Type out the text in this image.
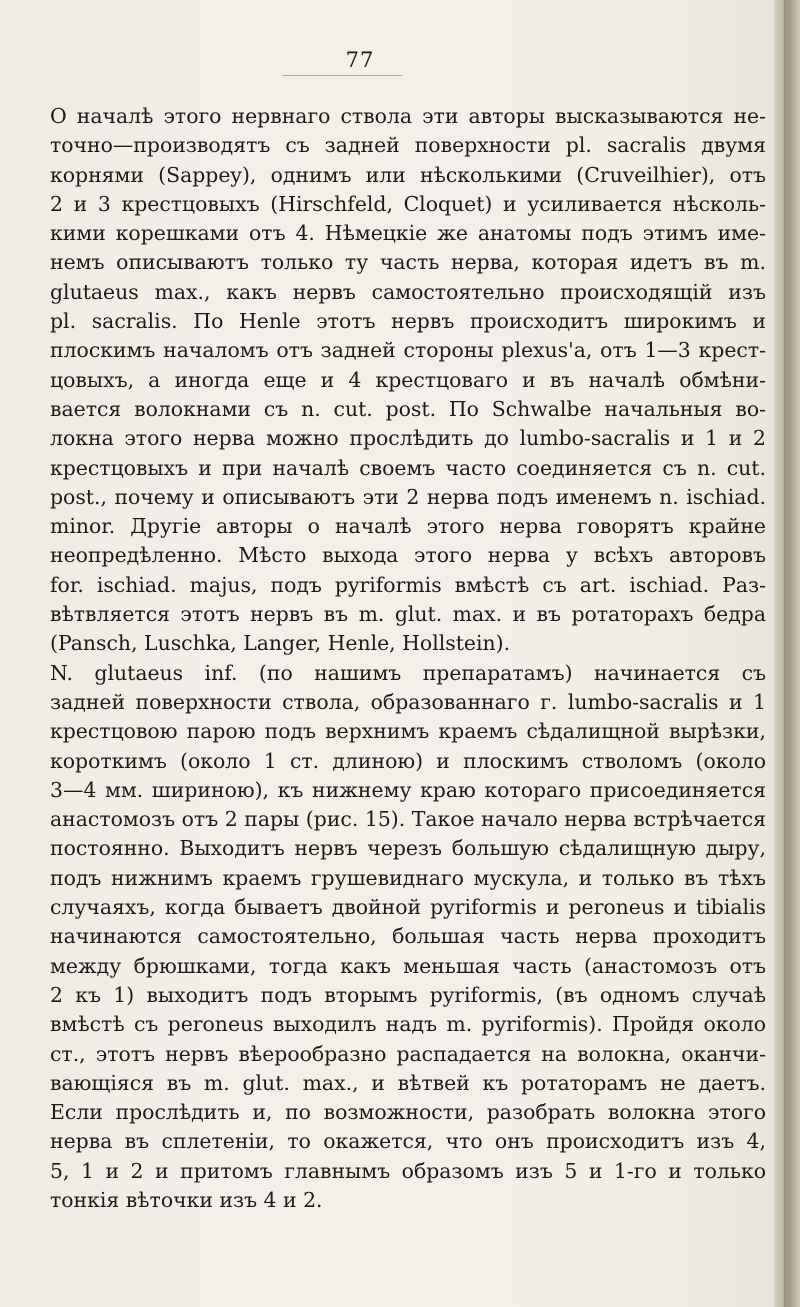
77
О началѣ этого нервнаго ствола эти авторы высказываются не-
точно—производятъ съ задней поверхности pl. sacralis двумя
корнями (Sappey), однимъ или нѣсколькими (Cruveilhier), отъ
2 и 3 крестцовыхъ (Hirschfeld, Cloquet) и усиливается нѣсколь-
кими корешками отъ 4. Нѣмецкіе же анатомы подъ этимъ име-
немъ описываютъ только ту часть нерва, которая идетъ въ m.
glutaeus max., какъ нервъ самостоятельно происходящій изъ
pl. sacralis. По Henle этотъ нервъ происходитъ широкимъ и
плоскимъ началомъ отъ задней стороны plexus'а, отъ 1—3 крест-
цовыхъ, а иногда еще и 4 крестцоваго и въ началѣ обмѣни-
вается волокнами съ n. cut. post. По Schwalbe начальныя во-
локна этого нерва можно прослѣдить до lumbo-sacralis и 1 и 2
крестцовыхъ и при началѣ своемъ часто соединяется съ n. cut.
post., почему и описываютъ эти 2 нерва подъ именемъ n. ischiad.
minor. Другіе авторы о началѣ этого нерва говорятъ крайне
неопредѣленно. Мѣсто выхода этого нерва у всѣхъ авторовъ
for. ischiad. majus, подъ pyriformis вмѣстѣ съ art. ischiad. Раз-
вѣтвляется этотъ нервъ въ m. glut. max. и въ ротаторахъ бедра
(Pansch, Luschka, Langer, Henle, Hollstein).
N. glutaeus inf. (по нашимъ препаратамъ) начинается съ
задней поверхности ствола, образованнаго г. lumbo-sacralis и 1
крестцовою парою подъ верхнимъ краемъ сѣдалищной вырѣзки,
короткимъ (около 1 ст. длиною) и плоскимъ стволомъ (около
3—4 мм. шириною), къ нижнему краю котораго присоединяется
анастомозъ отъ 2 пары (рис. 15). Такое начало нерва встрѣчается
постоянно. Выходитъ нервъ черезъ большую сѣдалищную дыру,
подъ нижнимъ краемъ грушевиднаго мускула, и только въ тѣхъ
случаяхъ, когда бываетъ двойной pyriformis и peroneus и tibialis
начинаются самостоятельно, большая часть нерва проходитъ
между брюшками, тогда какъ меньшая часть (анастомозъ отъ
2 къ 1) выходитъ подъ вторымъ pyriformis, (въ одномъ случаѣ
вмѣстѣ съ peroneus выходилъ надъ m. pyriformis). Пройдя около
ст., этотъ нервъ вѣерообразно распадается на волокна, оканчи-
вающіяся въ m. glut. max., и вѣтвей къ ротаторамъ не даетъ.
Если прослѣдить и, по возможности, разобрать волокна этого
нерва въ сплетеніи, то окажется, что онъ происходитъ изъ 4,
5, 1 и 2 и притомъ главнымъ образомъ изъ 5 и 1-го и только
тонкія вѣточки изъ 4 и 2.
